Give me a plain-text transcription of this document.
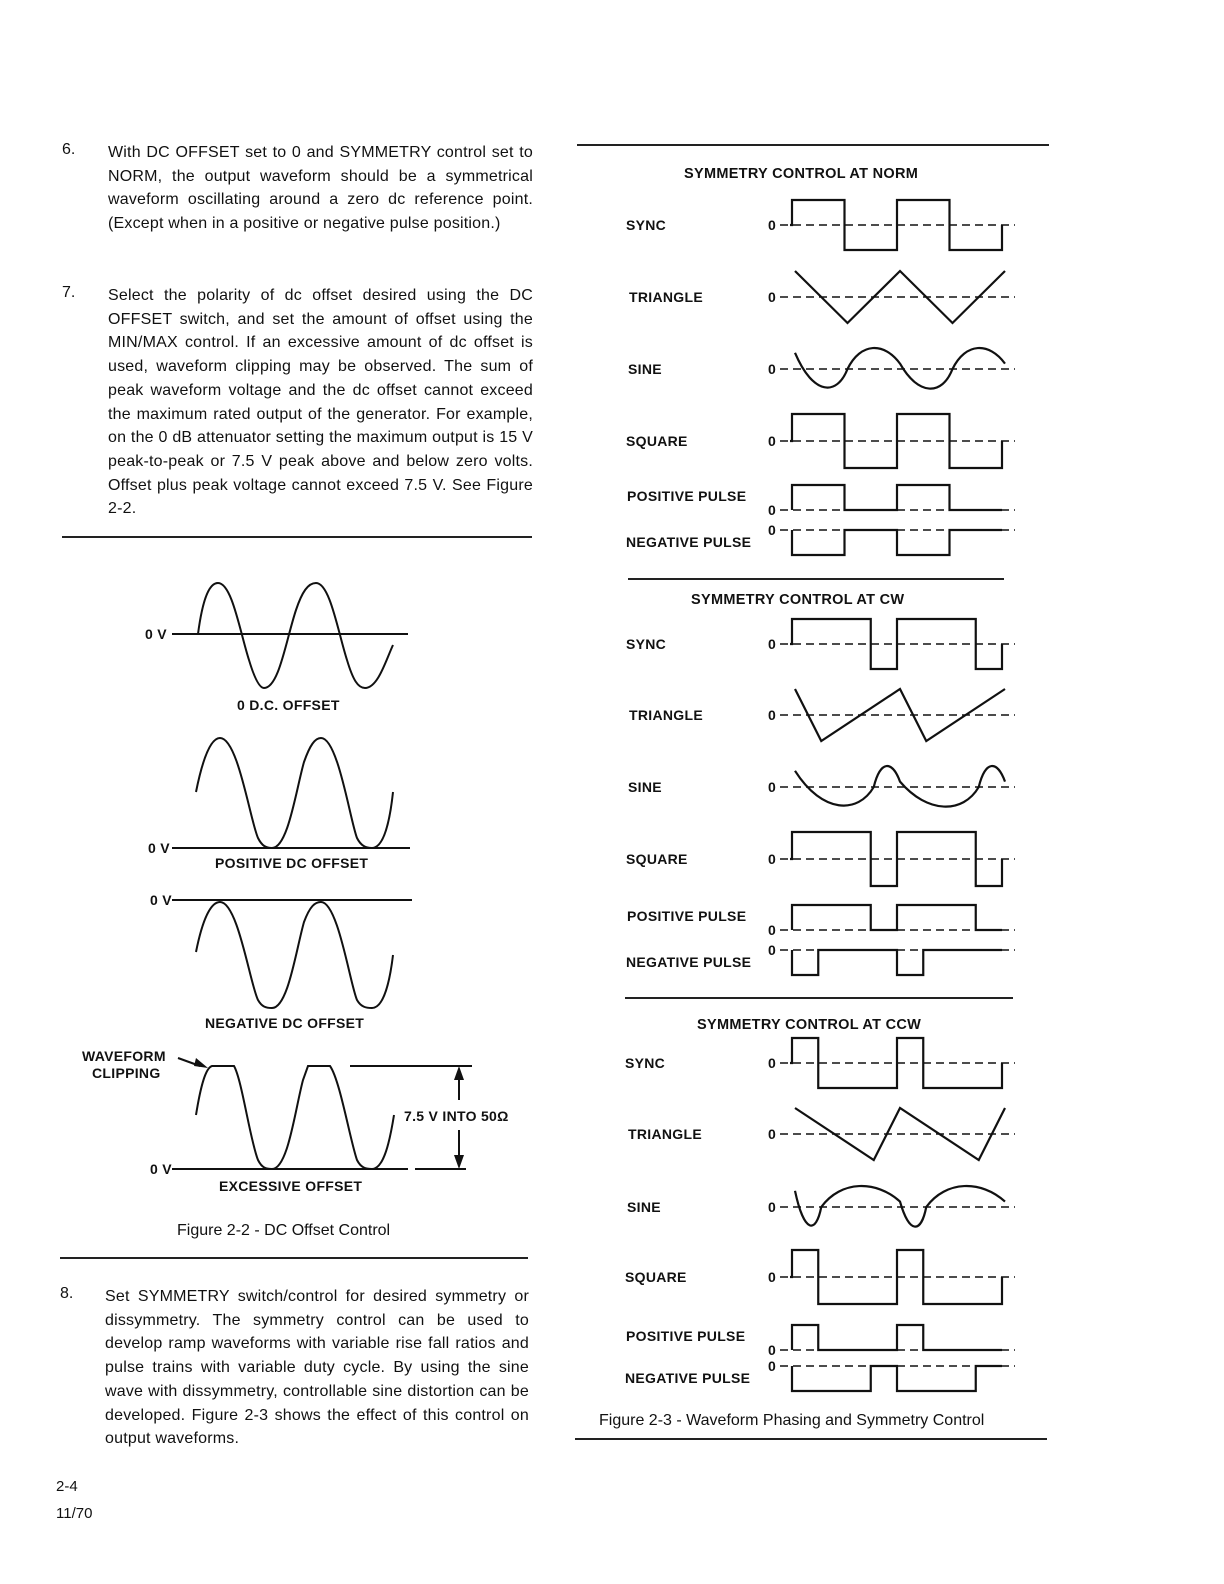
6. With DC OFFSET set to 0 and SYMMETRY control set to NORM, the output waveform should be a symmetrical waveform oscillating around a zero dc reference point. (Except when in a positive or negative pulse position.)
7. Select the polarity of dc offset desired using the DC OFFSET switch, and set the amount of offset using the MIN/MAX control. If an excessive amount of dc offset is used, waveform clipping may be observed. The sum of peak waveform voltage and the dc offset cannot exceed the maximum rated output of the generator. For example, on the 0 dB attenuator setting the maximum output is 15 V peak-to-peak or 7.5 V peak above and below zero volts. Offset plus peak voltage cannot exceed 7.5 V. See Figure 2-2.
0 V
0 D.C. OFFSET
0 V
POSITIVE DC OFFSET
0 V
NEGATIVE DC OFFSET
WAVEFORM
CLIPPING
7.5 V INTO 50Ω
0 V
EXCESSIVE OFFSET
Figure 2-2 - DC Offset Control
8. Set SYMMETRY switch/control for desired symmetry or dissymmetry. The symmetry control can be used to develop ramp waveforms with variable rise fall ratios and pulse trains with variable duty cycle. By using the sine wave with dissymmetry, controllable sine distortion can be developed. Figure 2-3 shows the effect of this control on output waveforms.
2-4
11/70
SYMMETRY CONTROL AT NORM
SYNC	0
TRIANGLE	0
SINE	0
SQUARE	0
POSITIVE PULSE
0
NEGATIVE PULSE
0
SYMMETRY CONTROL AT CW
SYNC	0
TRIANGLE	0
SINE	0
SQUARE	0
POSITIVE PULSE
0
NEGATIVE PULSE
0
SYMMETRY CONTROL AT CCW
SYNC	0
TRIANGLE	0
SINE	0
SQUARE	0
POSITIVE PULSE
0
NEGATIVE PULSE
0
Figure 2-3 - Waveform Phasing and Symmetry Control
